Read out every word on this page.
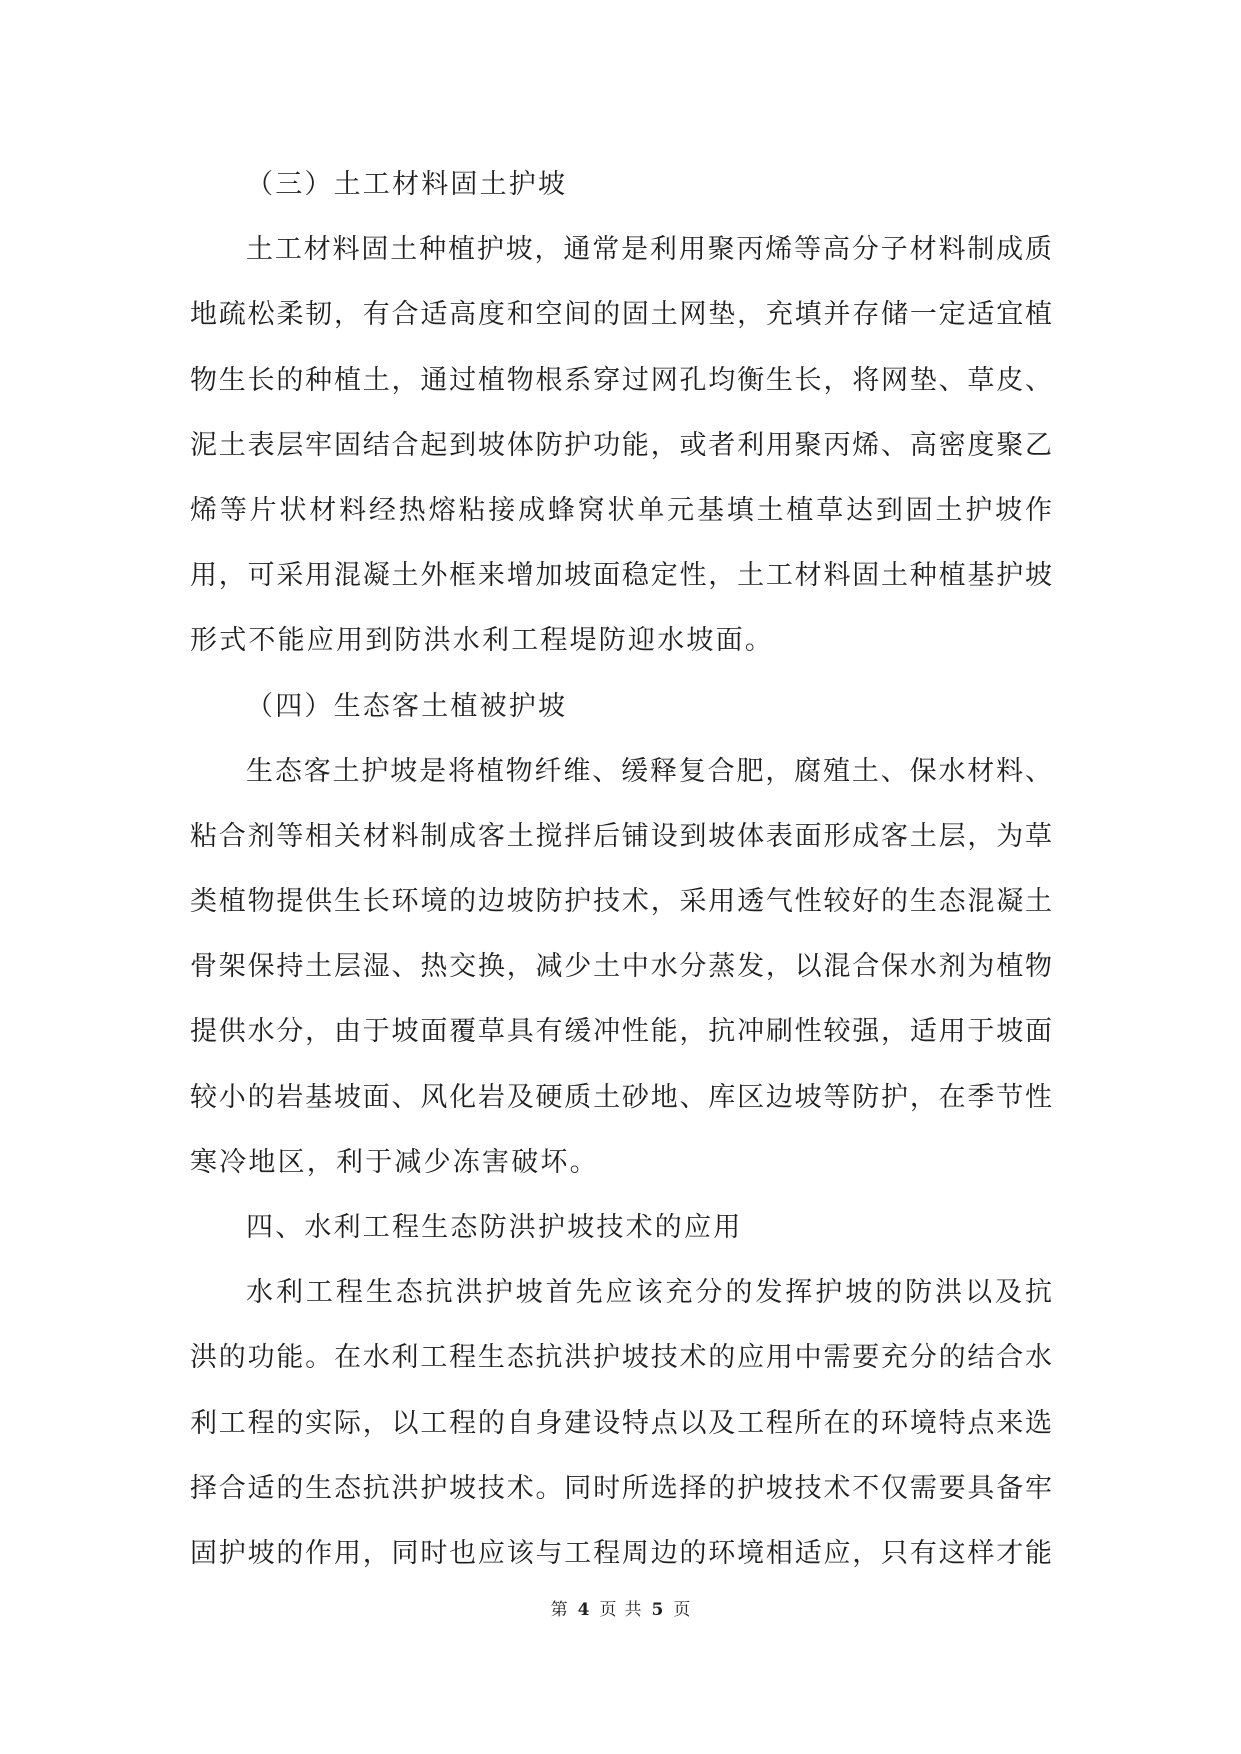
（三）土工材料固土护坡
土工材料固土种植护坡，通常是利用聚丙烯等高分子材料制成质
地疏松柔韧，有合适高度和空间的固土网垫，充填并存储一定适宜植
物生长的种植土，通过植物根系穿过网孔均衡生长，将网垫、草皮、
泥土表层牢固结合起到坡体防护功能，或者利用聚丙烯、高密度聚乙
烯等片状材料经热熔粘接成蜂窝状单元基填土植草达到固土护坡作
用，可采用混凝土外框来增加坡面稳定性，土工材料固土种植基护坡
形式不能应用到防洪水利工程堤防迎水坡面。
（四）生态客土植被护坡
生态客土护坡是将植物纤维、缓释复合肥，腐殖土、保水材料、
粘合剂等相关材料制成客土搅拌后铺设到坡体表面形成客土层，为草
类植物提供生长环境的边坡防护技术，采用透气性较好的生态混凝土
骨架保持土层湿、热交换，减少土中水分蒸发，以混合保水剂为植物
提供水分，由于坡面覆草具有缓冲性能，抗冲刷性较强，适用于坡面
较小的岩基坡面、风化岩及硬质土砂地、库区边坡等防护，在季节性
寒冷地区，利于减少冻害破坏。
四、水利工程生态防洪护坡技术的应用
水利工程生态抗洪护坡首先应该充分的发挥护坡的防洪以及抗
洪的功能。在水利工程生态抗洪护坡技术的应用中需要充分的结合水
利工程的实际，以工程的自身建设特点以及工程所在的环境特点来选
择合适的生态抗洪护坡技术。同时所选择的护坡技术不仅需要具备牢
固护坡的作用，同时也应该与工程周边的环境相适应，只有这样才能
第 4 页 共 5 页
